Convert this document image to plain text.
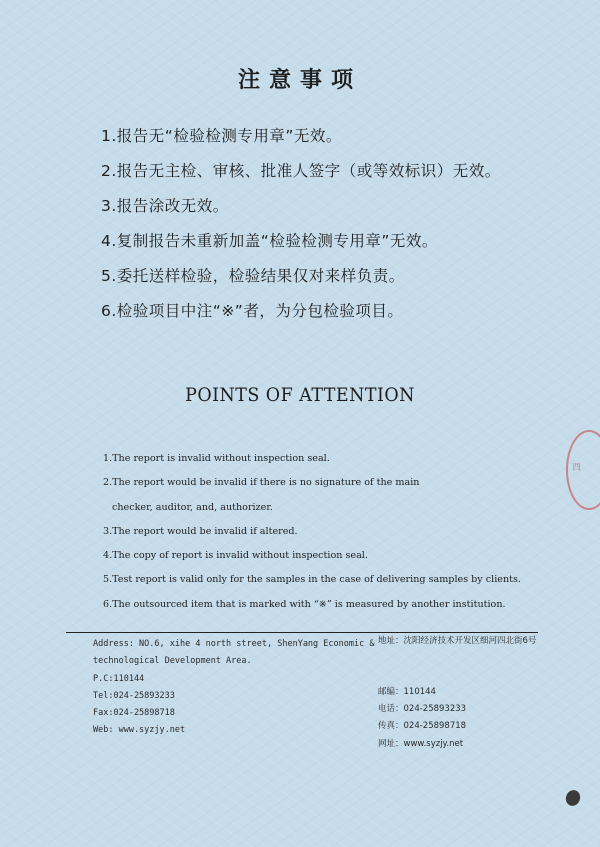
注意事项
1.报告无“检验检测专用章”无效。
2.报告无主检、审核、批准人签字（或等效标识）无效。
3.报告涂改无效。
4.复制报告未重新加盖“检验检测专用章”无效。
5.委托送样检验，检验结果仅对来样负责。
6.检验项目中注“※”者，为分包检验项目。
POINTS OF ATTENTION
1.The report is invalid without inspection seal.
2.The report would be invalid if there is no signature of the main
checker, auditor, and, authorizer.
3.The report would be invalid if altered.
4.The copy of report is invalid without inspection seal.
5.Test report is valid only for the samples in the case of delivering samples by clients.
6.The outsourced item that is marked with “※” is measured by another institution.
Address: NO.6, xihe 4 north street, ShenYang Economic &
technological Development Area.
P.C:110144
Tel:024-25893233
Fax:024-25898718
Web: www.syzjy.net
地址：沈阳经济技术开发区细河四北街6号
邮编：110144
电话：024-25893233
传真：024-25898718
网址：www.syzjy.net
酉
